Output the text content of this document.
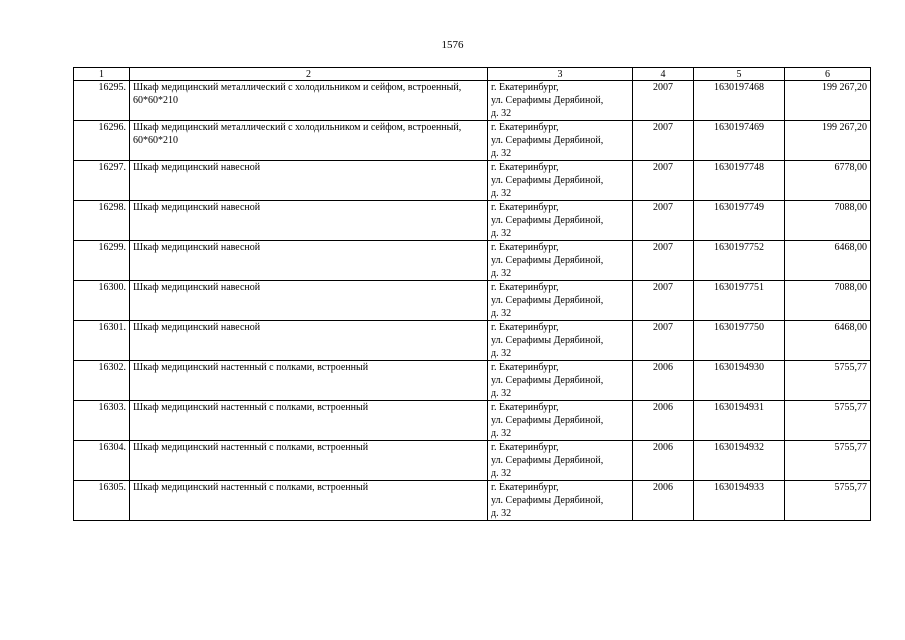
1576
1	2	3	4	5	6
16295.	Шкаф медицинский металлический с холодильником и сейфом, встроенный, 60*60*210	г. Екатеринбург,
ул. Серафимы Дерябиной,
д. 32	2007	1630197468	199 267,20
16296.	Шкаф медицинский металлический с холодильником и сейфом, встроенный, 60*60*210	г. Екатеринбург,
ул. Серафимы Дерябиной,
д. 32	2007	1630197469	199 267,20
16297.	Шкаф медицинский навесной	г. Екатеринбург,
ул. Серафимы Дерябиной,
д. 32	2007	1630197748	6778,00
16298.	Шкаф медицинский навесной	г. Екатеринбург,
ул. Серафимы Дерябиной,
д. 32	2007	1630197749	7088,00
16299.	Шкаф медицинский навесной	г. Екатеринбург,
ул. Серафимы Дерябиной,
д. 32	2007	1630197752	6468,00
16300.	Шкаф медицинский навесной	г. Екатеринбург,
ул. Серафимы Дерябиной,
д. 32	2007	1630197751	7088,00
16301.	Шкаф медицинский навесной	г. Екатеринбург,
ул. Серафимы Дерябиной,
д. 32	2007	1630197750	6468,00
16302.	Шкаф медицинский настенный с полками, встроенный	г. Екатеринбург,
ул. Серафимы Дерябиной,
д. 32	2006	1630194930	5755,77
16303.	Шкаф медицинский настенный с полками, встроенный	г. Екатеринбург,
ул. Серафимы Дерябиной,
д. 32	2006	1630194931	5755,77
16304.	Шкаф медицинский настенный с полками, встроенный	г. Екатеринбург,
ул. Серафимы Дерябиной,
д. 32	2006	1630194932	5755,77
16305.	Шкаф медицинский настенный с полками, встроенный	г. Екатеринбург,
ул. Серафимы Дерябиной,
д. 32	2006	1630194933	5755,77
